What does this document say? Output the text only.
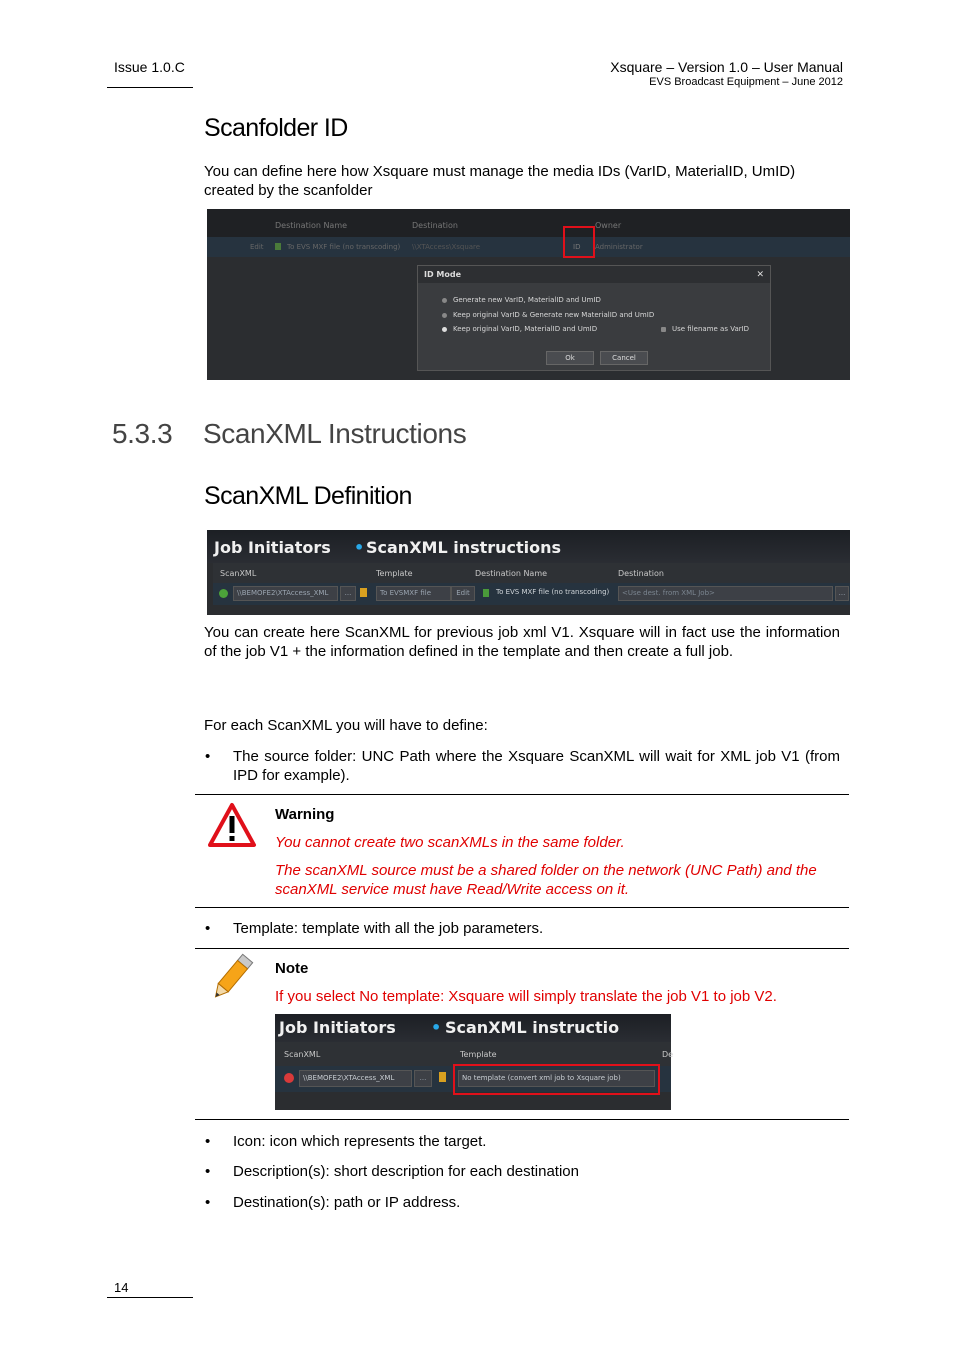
Issue 1.0.C	Xsquare – Version 1.0 – User Manual
EVS Broadcast Equipment – June 2012
Scanfolder ID
You can define here how Xsquare must manage the media IDs (VarID, MaterialID, UmID) created by the scanfolder
Destination Name	Destination	Owner
Edit	To EVS MXF file (no transcoding) \\XTAccess\Xsquare	ID Administrator
ID Mode	✕
Generate new VarID, MaterialID and UmID
Keep original VarID & Generate new MaterialID and UmID
Keep original VarID, MaterialID and UmID	Use filename as VarID
Ok	Cancel
5.3.3 ScanXML Instructions
ScanXML Definition
Job Initiators • ScanXML instructions
ScanXML	Template	Destination Name	Destination
\\BEMOFE2\XTAccess_XML	...	To EVSMXF file	Edit	To EVS MXF file (no transcoding)	<Use dest. from XML Job>	...
You can create here ScanXML for previous job xml V1. Xsquare will in fact use the information of the job V1 + the information defined in the template and then create a full job.
For each ScanXML you will have to define:
• The source folder: UNC Path where the Xsquare ScanXML will wait for XML job V1 (from IPD for example).
Warning
You cannot create two scanXMLs in the same folder.
The scanXML source must be a shared folder on the network (UNC Path) and the scanXML service must have Read/Write access on it.
• Template: template with all the job parameters.
Note
If you select No template: Xsquare will simply translate the job V1 to job V2.
Job Initiators • ScanXML instructio
ScanXML	Template	De
\\BEMOFE2\XTAccess_XML	...	No template (convert xml job to Xsquare job)
• Icon: icon which represents the target.
• Description(s): short description for each destination
• Destination(s): path or IP address.
14
